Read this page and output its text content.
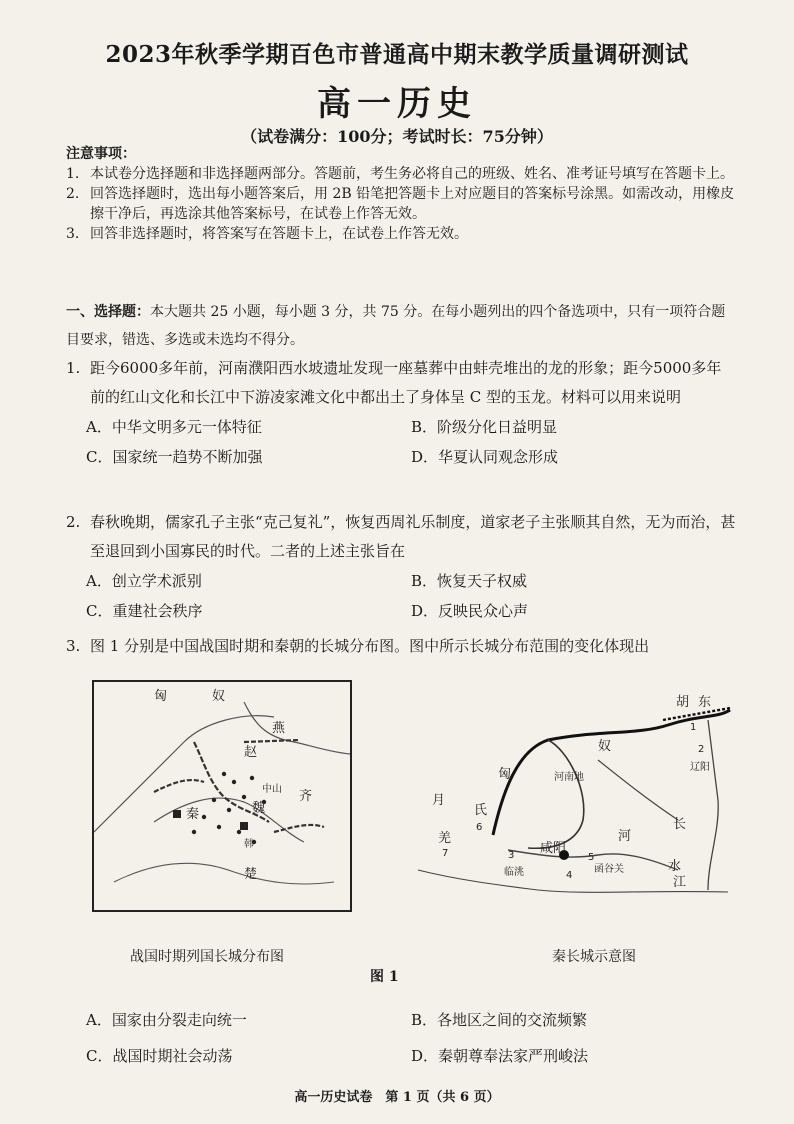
2023年秋季学期百色市普通高中期末教学质量调研测试
高一历史
（试卷满分：100分；考试时长：75分钟）
注意事项：
1. 本试卷分选择题和非选择题两部分。答题前，考生务必将自己的班级、姓名、准考证号填写在答题卡上。
2. 回答选择题时，选出每小题答案后，用 2B 铅笔把答题卡上对应题目的答案标号涂黑。如需改动，用橡皮擦干净后，再选涂其他答案标号，在试卷上作答无效。
3. 回答非选择题时，将答案写在答题卡上，在试卷上作答无效。
一、选择题：本大题共 25 小题，每小题 3 分，共 75 分。在每小题列出的四个备选项中，只有一项符合题目要求，错选、多选或未选均不得分。
1. 距今6000多年前，河南濮阳西水坡遗址发现一座墓葬中由蚌壳堆出的龙的形象；距今5000多年前的红山文化和长江中下游凌家滩文化中都出土了身体呈 C 型的玉龙。材料可以用来说明
A．中华文明多元一体特征	B．阶级分化日益明显
C．国家统一趋势不断加强	D．华夏认同观念形成
2. 春秋晚期，儒家孔子主张“克己复礼”，恢复西周礼乐制度，道家老子主张顺其自然，无为而治，甚至退回到小国寡民的时代。二者的上述主张旨在
A．创立学术派别	B．恢复天子权威
C．重建社会秩序	D．反映民众心声
3. 图 1 分别是中国战国时期和秦朝的长城分布图。图中所示长城分布范围的变化体现出
匈	奴
燕
赵
魏
秦
韩
楚
齐
中山
胡 东
奴
匈
月
氏
6
羌
7	咸阳
河
水
河南地
1
2
3
4
5
临洮
辽阳
函谷关
长
江
战国时期列国长城分布图	秦长城示意图
图 1
A．国家由分裂走向统一	B．各地区之间的交流频繁
C．战国时期社会动荡	D．秦朝尊奉法家严刑峻法
高一历史试卷　第 1 页（共 6 页）
